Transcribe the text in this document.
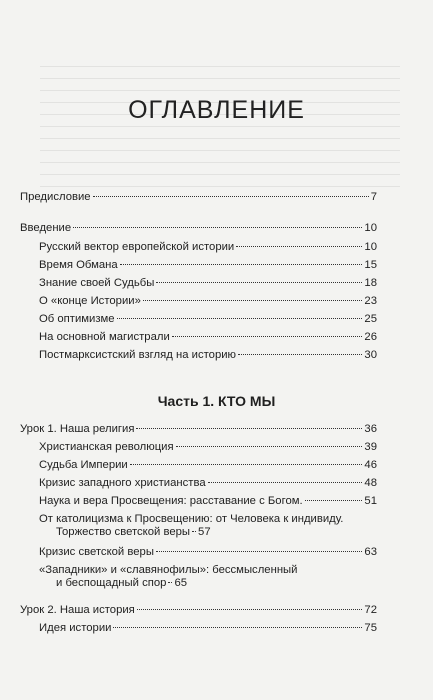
ОГЛАВЛЕНИЕ
Предисловие	7
Введение	10
Русский вектор европейской истории	10
Время Обмана	15
Знание своей Судьбы	18
О «конце Истории»	23
Об оптимизме	25
На основной магистрали	26
Постмарксистский взгляд на историю	30
Часть 1. КТО МЫ
Урок 1. Наша религия	36
Христианская революция	39
Судьба Империи	46
Кризис западного христианства	48
Наука и вера Просвещения: расставание с Богом.	51
От католицизма к Просвещению: от Человека к индивиду.
Торжество светской веры 57
Кризис светской веры	63
«Западники» и «славянофилы»: бессмысленный
и беспощадный спор 65
Урок 2. Наша история	72
Идея истории	75
